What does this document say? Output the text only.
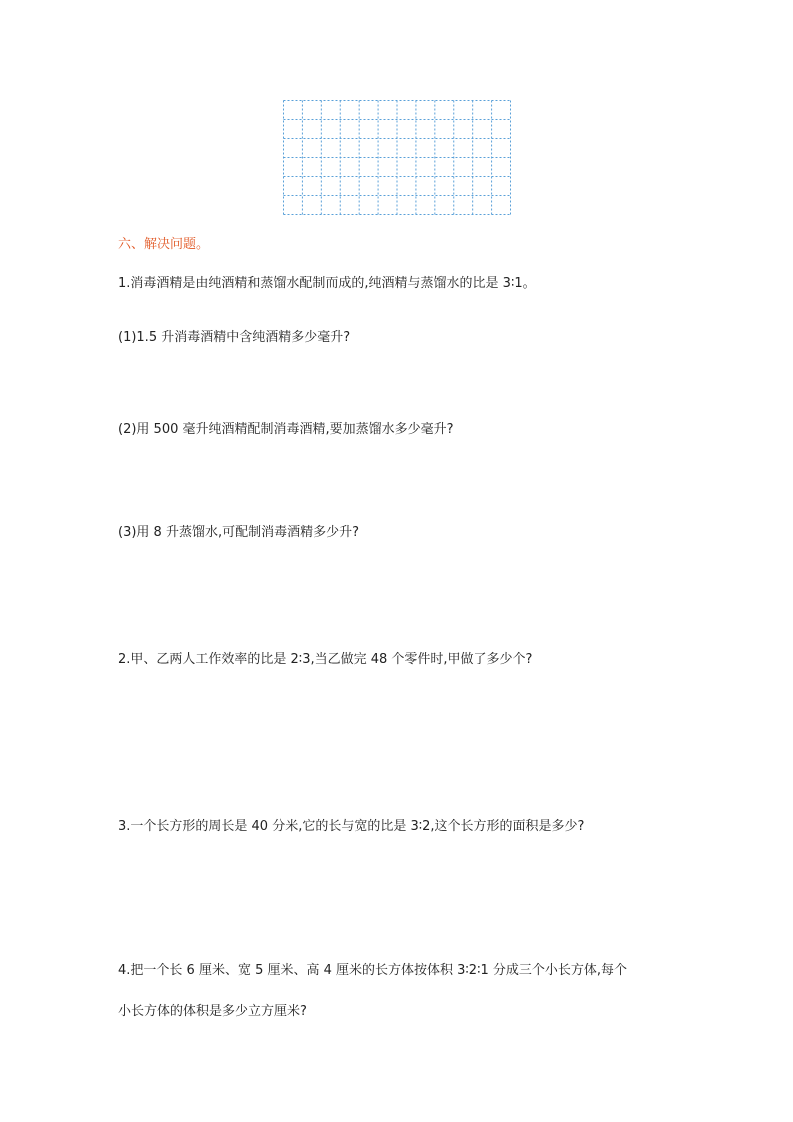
六、解决问题。
1.消毒酒精是由纯酒精和蒸馏水配制而成的,纯酒精与蒸馏水的比是 3∶1。
(1)1.5 升消毒酒精中含纯酒精多少毫升?
(2)用 500 毫升纯酒精配制消毒酒精,要加蒸馏水多少毫升?
(3)用 8 升蒸馏水,可配制消毒酒精多少升?
2.甲、乙两人工作效率的比是 2∶3,当乙做完 48 个零件时,甲做了多少个?
3.一个长方形的周长是 40 分米,它的长与宽的比是 3∶2,这个长方形的面积是多少?
4.把一个长 6 厘米、宽 5 厘米、高 4 厘米的长方体按体积 3∶2∶1 分成三个小长方体,每个
小长方体的体积是多少立方厘米?
